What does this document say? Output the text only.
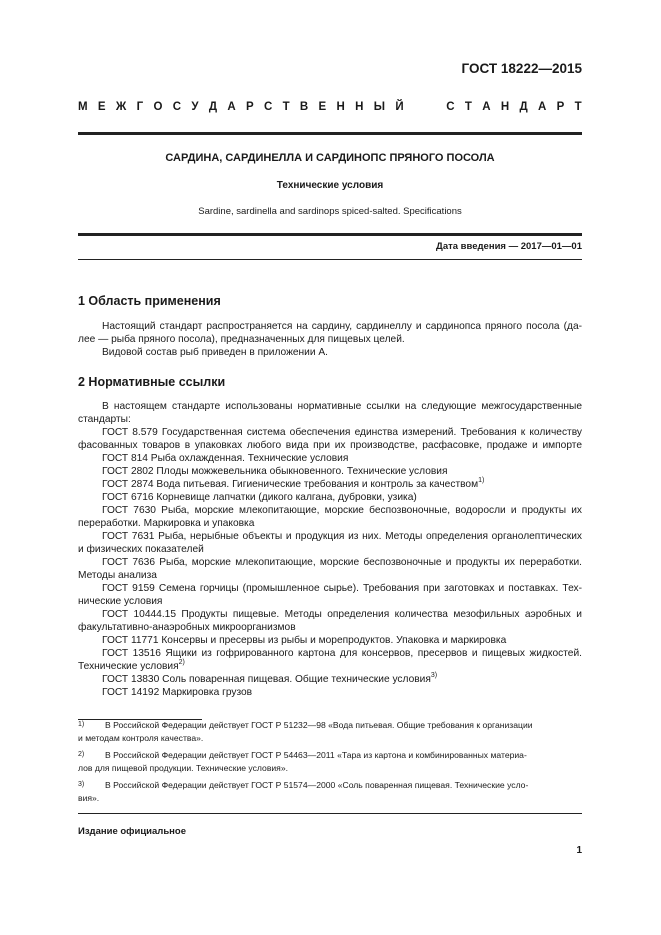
ГОСТ 18222—2015
М Е Ж Г О С У Д А Р С Т В Е Н Н Ы Й	С Т А Н Д А Р Т
САРДИНА, САРДИНЕЛЛА И САРДИНОПС ПРЯНОГО ПОСОЛА
Технические условия
Sardine, sardinella and sardinops spiced-salted. Specifications
Дата введения — 2017—01—01
1 Область применения
Настоящий стандарт распространяется на сардину, сардинеллу и сардинопса пряного посола (да-
лее — рыба пряного посола), предназначенных для пищевых целей.
Видовой состав рыб приведен в приложении А.
2 Нормативные ссылки
В настоящем стандарте использованы нормативные ссылки на следующие межгосударственные
стандарты:
ГОСТ 8.579 Государственная система обеспечения единства измерений. Требования к количеству
фасованных товаров в упаковках любого вида при их производстве, расфасовке, продаже и импорте
ГОСТ 814 Рыба охлажденная. Технические условия
ГОСТ 2802 Плоды можжевельника обыкновенного. Технические условия
ГОСТ 2874 Вода питьевая. Гигиенические требования и контроль за качеством$^{1)}$
ГОСТ 6716 Корневище лапчатки (дикого калгана, дубровки, узика)
ГОСТ 7630 Рыба, морские млекопитающие, морские беспозвоночные, водоросли и продукты их
переработки. Маркировка и упаковка
ГОСТ 7631 Рыба, нерыбные объекты и продукция из них. Методы определения органолептических
и физических показателей
ГОСТ 7636 Рыба, морские млекопитающие, морские беспозвоночные и продукты их переработки.
Методы анализа
ГОСТ 9159 Семена горчицы (промышленное сырье). Требования при заготовках и поставках. Тех-
нические условия
ГОСТ 10444.15 Продукты пищевые. Методы определения количества мезофильных аэробных и
факультативно-анаэробных микроорганизмов
ГОСТ 11771 Консервы и пресервы из рыбы и морепродуктов. Упаковка и маркировка
ГОСТ 13516 Ящики из гофрированного картона для консервов, пресервов и пищевых жидкостей.
Технические условия$^{2)}$
ГОСТ 13830 Соль поваренная пищевая. Общие технические условия$^{3)}$
ГОСТ 14192 Маркировка грузов
1) В Российской Федерации действует ГОСТ Р 51232—98 «Вода питьевая. Общие требования к организации
и методам контроля качества».
2) В Российской Федерации действует ГОСТ Р 54463—2011 «Тара из картона и комбинированных материа-
лов для пищевой продукции. Технические условия».
3) В Российской Федерации действует ГОСТ Р 51574—2000 «Соль поваренная пищевая. Технические усло-
вия».
Издание официальное
1
